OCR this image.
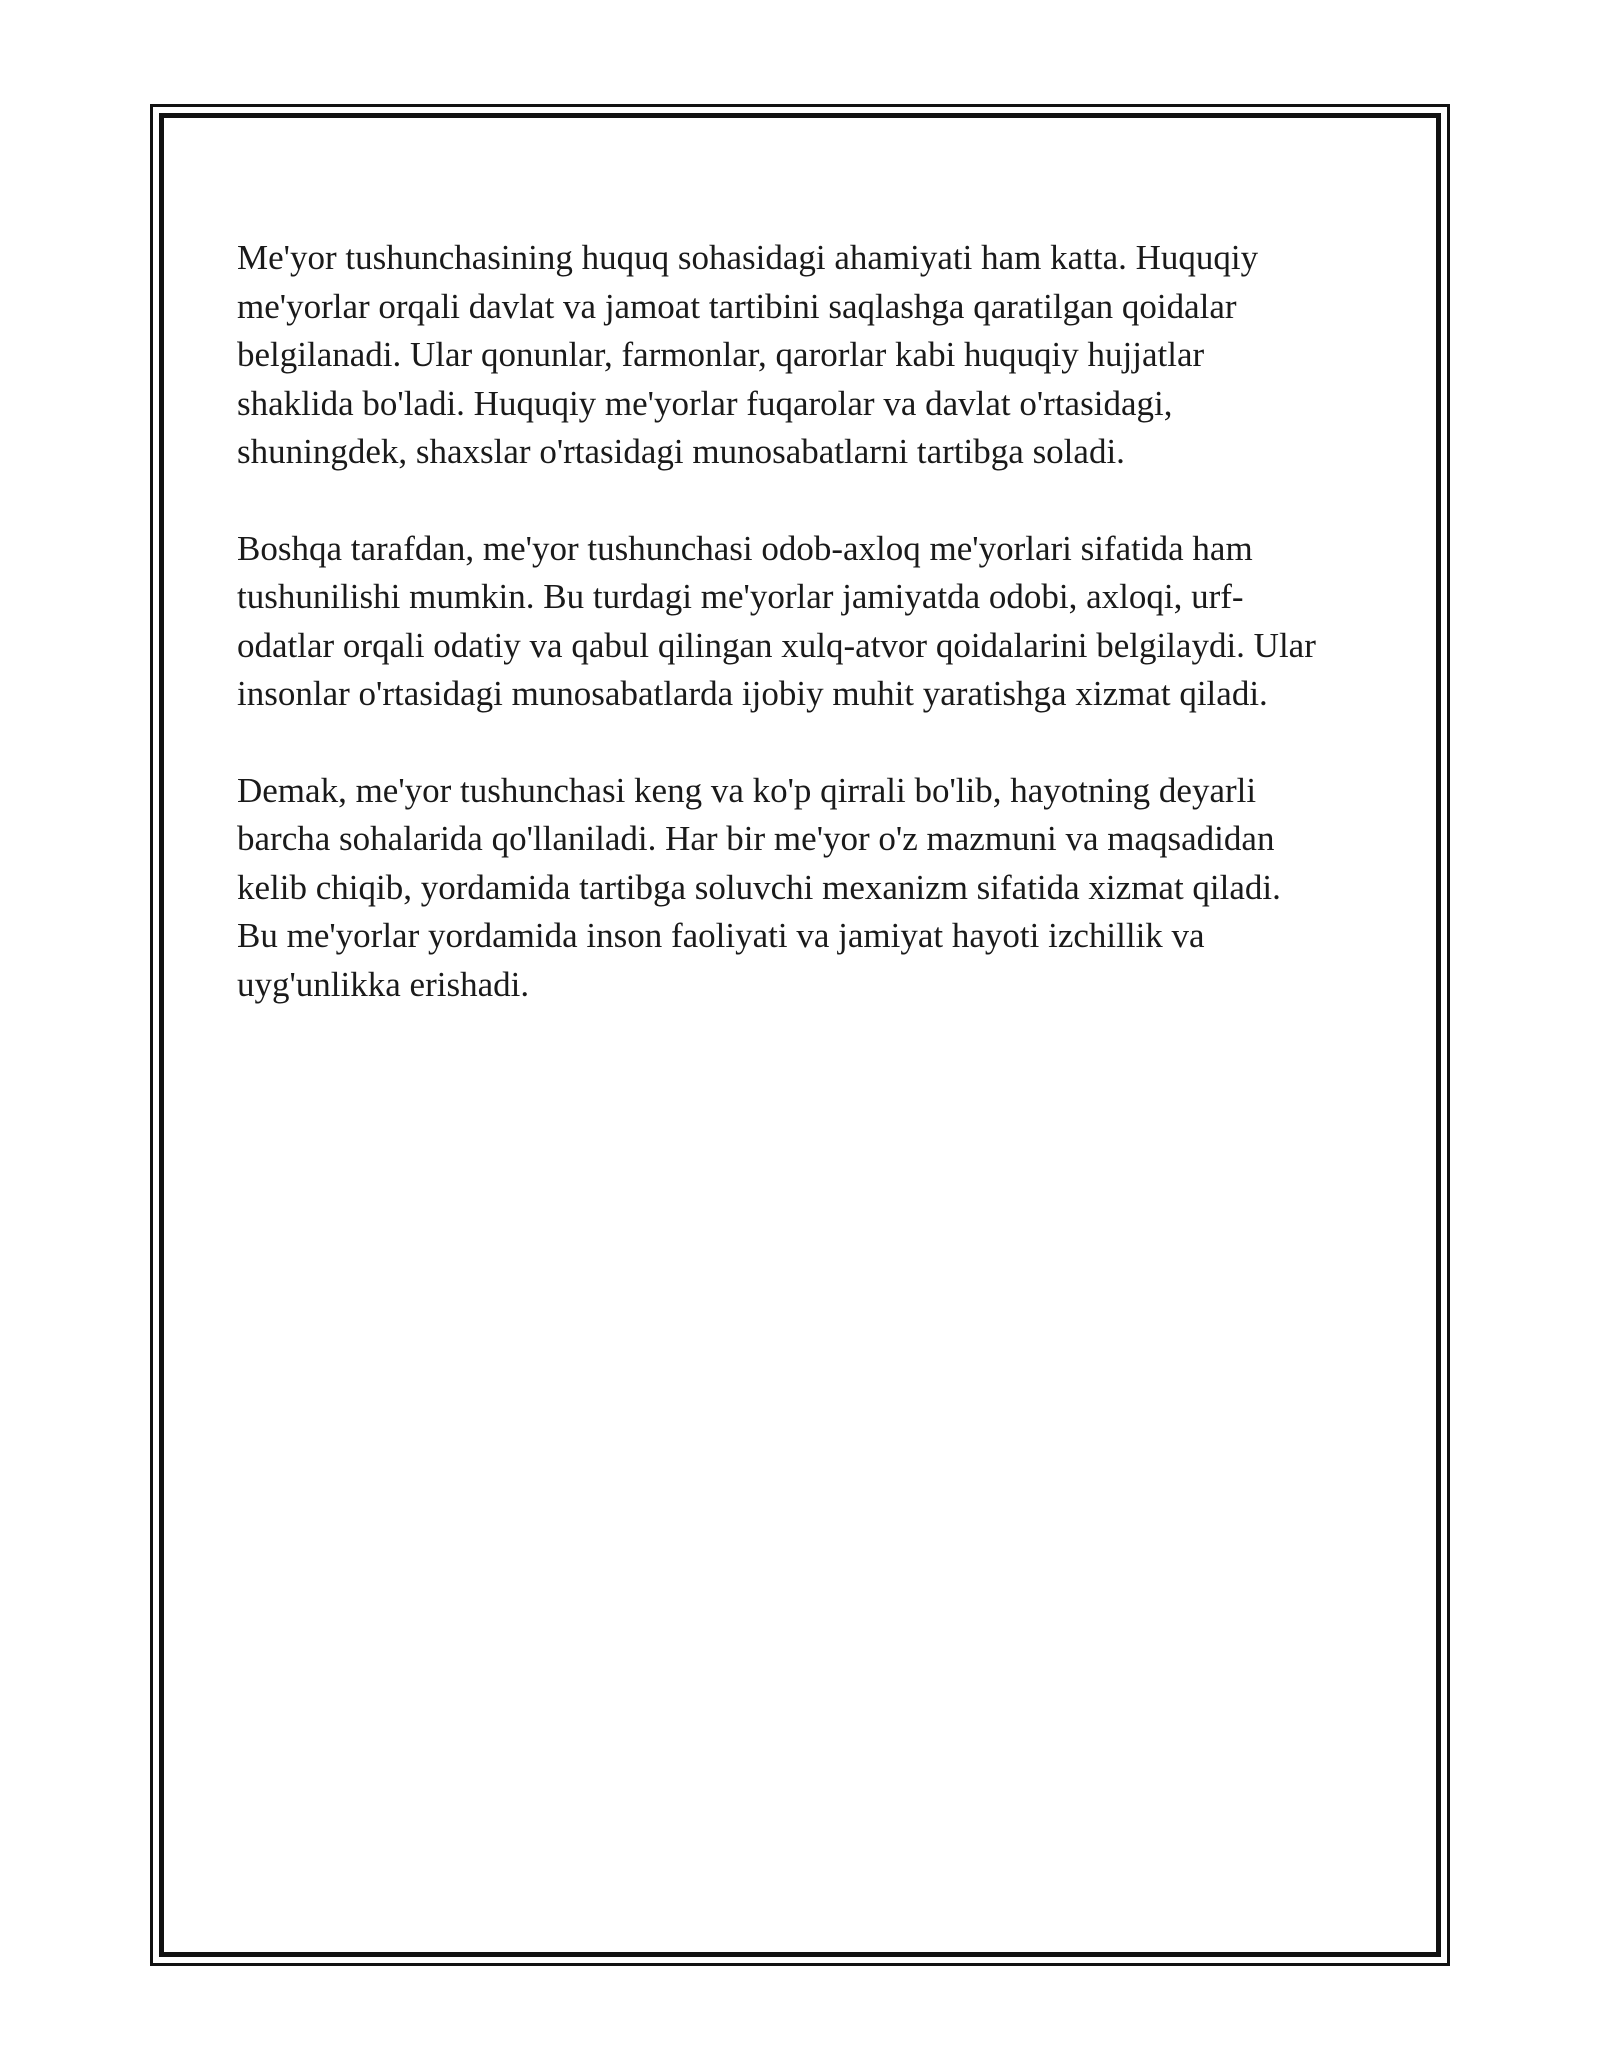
Me'yor tushunchasining huquq sohasidagi ahamiyati ham katta. Huquqiy
me'yorlar orqali davlat va jamoat tartibini saqlashga qaratilgan qoidalar
belgilanadi. Ular qonunlar, farmonlar, qarorlar kabi huquqiy hujjatlar
shaklida bo'ladi. Huquqiy me'yorlar fuqarolar va davlat o'rtasidagi,
shuningdek, shaxslar o'rtasidagi munosabatlarni tartibga soladi.

Boshqa tarafdan, me'yor tushunchasi odob-axloq me'yorlari sifatida ham
tushunilishi mumkin. Bu turdagi me'yorlar jamiyatda odobi, axloqi, urf-
odatlar orqali odatiy va qabul qilingan xulq-atvor qoidalarini belgilaydi. Ular
insonlar o'rtasidagi munosabatlarda ijobiy muhit yaratishga xizmat qiladi.

Demak, me'yor tushunchasi keng va ko'p qirrali bo'lib, hayotning deyarli
barcha sohalarida qo'llaniladi. Har bir me'yor o'z mazmuni va maqsadidan
kelib chiqib, yordamida tartibga soluvchi mexanizm sifatida xizmat qiladi.
Bu me'yorlar yordamida inson faoliyati va jamiyat hayoti izchillik va
uyg'unlikka erishadi.
